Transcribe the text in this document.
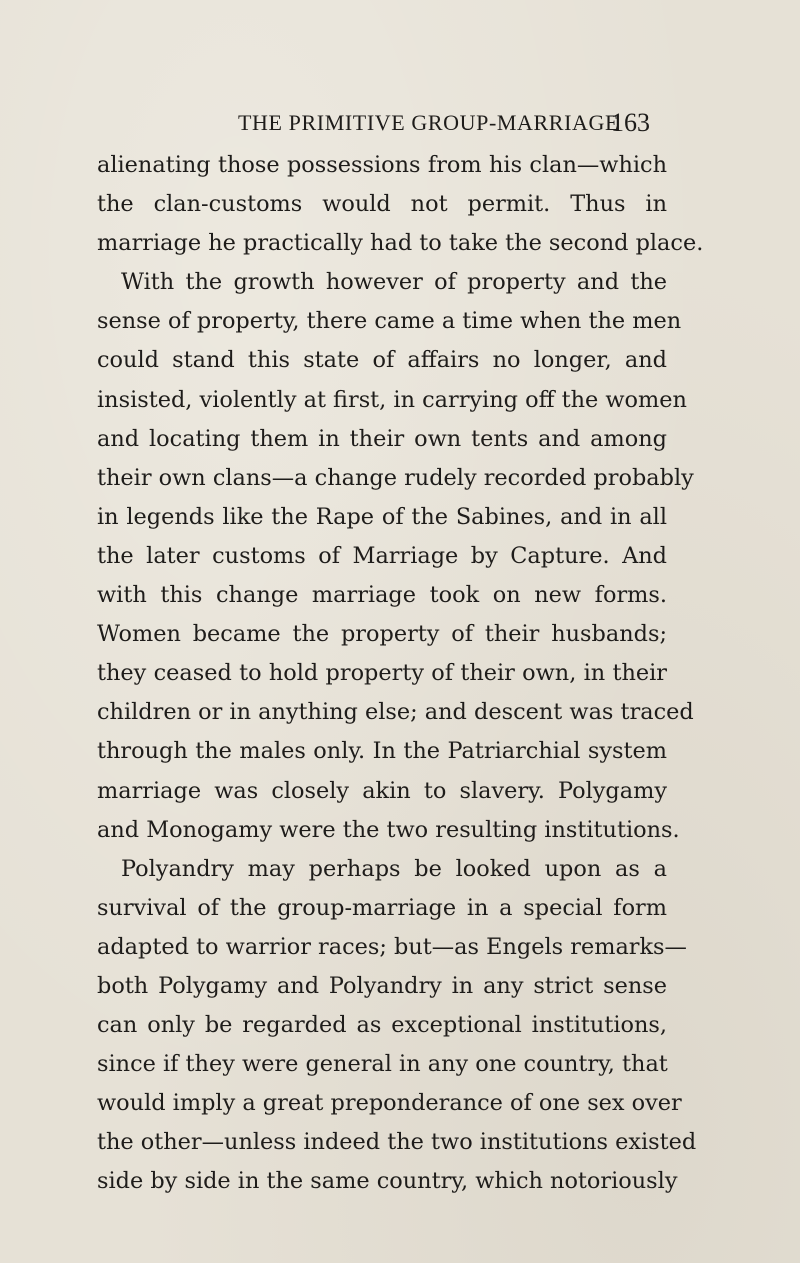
THE PRIMITIVE GROUP-MARRIAGE
163
alienating those possessions from his clan—which
the clan-customs would not permit. Thus in
marriage he practically had to take the second place.
With the growth however of property and the
sense of property, there came a time when the men
could stand this state of affairs no longer, and
insisted, violently at first, in carrying off the women
and locating them in their own tents and among
their own clans—a change rudely recorded probably
in legends like the Rape of the Sabines, and in all
the later customs of Marriage by Capture. And
with this change marriage took on new forms.
Women became the property of their husbands;
they ceased to hold property of their own, in their
children or in anything else; and descent was traced
through the males only. In the Patriarchial system
marriage was closely akin to slavery. Polygamy
and Monogamy were the two resulting institutions.
Polyandry may perhaps be looked upon as a
survival of the group-marriage in a special form
adapted to warrior races; but—as Engels remarks—
both Polygamy and Polyandry in any strict sense
can only be regarded as exceptional institutions,
since if they were general in any one country, that
would imply a great preponderance of one sex over
the other—unless indeed the two institutions existed
side by side in the same country, which notoriously
